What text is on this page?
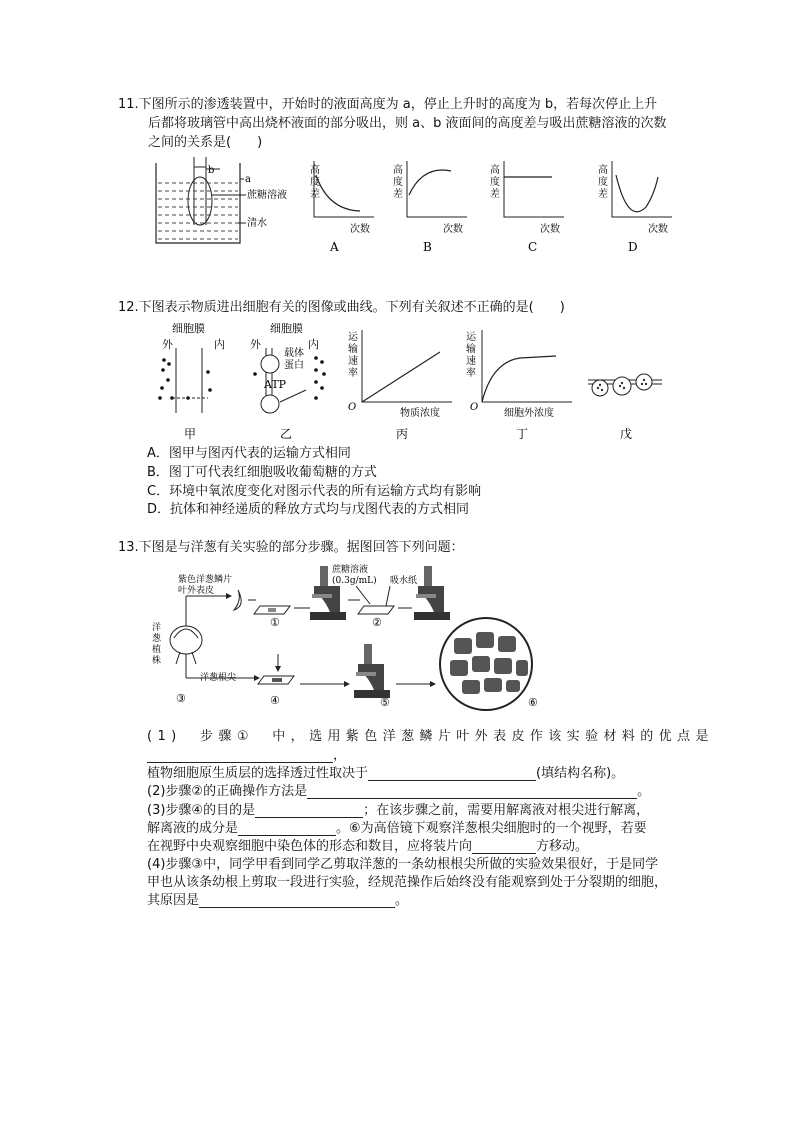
11.下图所示的渗透装置中，开始时的液面高度为 a，停止上升时的高度为 b，若每次停止上升
后都将玻璃管中高出烧杯液面的部分吸出，则 a、b 液面间的高度差与吸出蔗糖溶液的次数
之间的关系是(　　)
b
a
蔗糖溶液
清水
高
度
差
次数
A
高
度
差
次数
B
高
度
差
次数
C
高
度
差
次数
D
12.下图表示物质进出细胞有关的图像或曲线。下列有关叙述不正确的是(　　)
细胞膜
外	内
甲
细胞膜
外	内
载体
蛋白
ATP
乙
运
输
速
率
O
物质浓度
丙
运
输
速
率
O
细胞外浓度
丁	戊
A．图甲与图丙代表的运输方式相同
B．图丁可代表红细胞吸收葡萄糖的方式
C．环境中氧浓度变化对图示代表的所有运输方式均有影响
D．抗体和神经递质的释放方式均与戊图代表的方式相同
13.下图是与洋葱有关实验的部分步骤。据图回答下列问题：
紫色洋葱鳞片
叶外表皮
蔗糖溶液
(0.3g/mL) 吸水纸
洋
葱
植
株
洋葱根尖
①	②
③	④	⑤	⑥
(1)　步骤①　中，选用紫色洋葱鳞片叶外表皮作该实验材料的优点是
，
植物细胞原生质层的选择透过性取决于	(填结构名称)。
(2)步骤②的正确操作方法是	。
(3)步骤④的目的是	；在该步骤之前，需要用解离液对根尖进行解离，
解离液的成分是	。⑥为高倍镜下观察洋葱根尖细胞时的一个视野，若要
在视野中央观察细胞中染色体的形态和数目，应将装片向	方移动。
(4)步骤③中，同学甲看到同学乙剪取洋葱的一条幼根根尖所做的实验效果很好，于是同学
甲也从该条幼根上剪取一段进行实验，经规范操作后始终没有能观察到处于分裂期的细胞，
其原因是	。
